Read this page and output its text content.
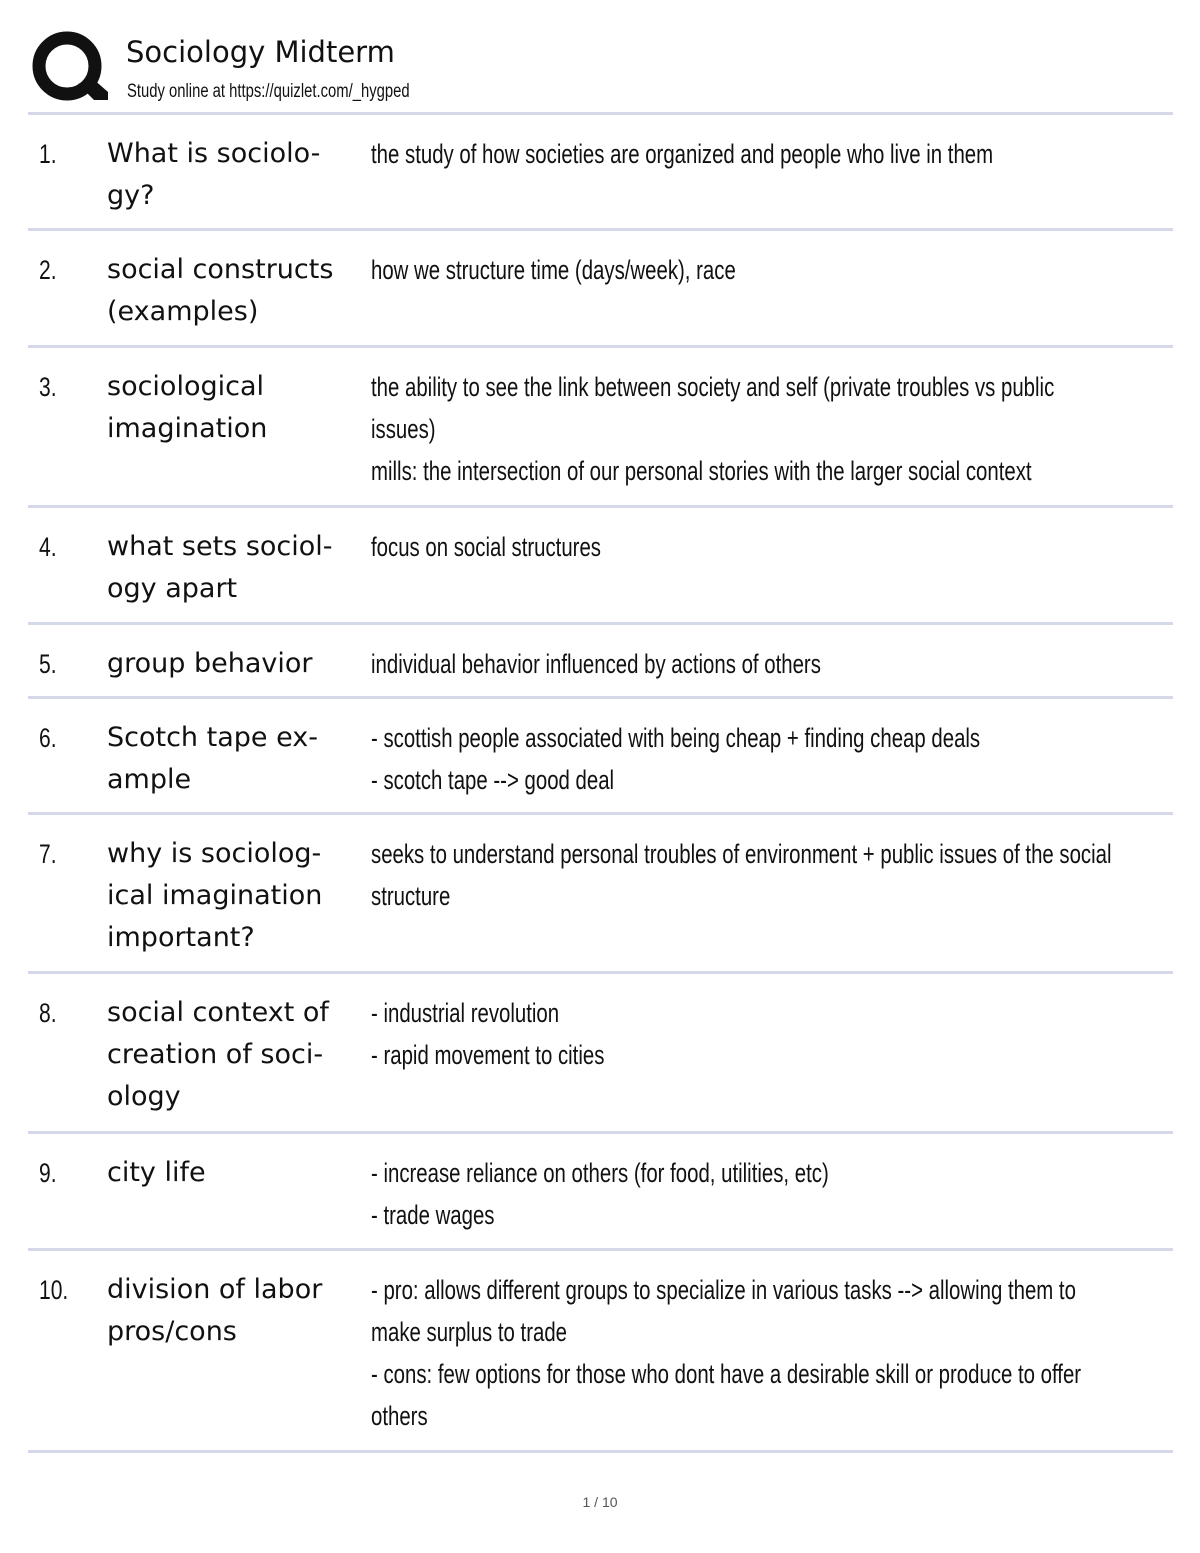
Sociology Midterm
Study online at https://quizlet.com/_hygped
1. What is sociolo-
gy?
the study of how societies are organized and people who live in them
2. social constructs
(examples)
how we structure time (days/week), race
3. sociological
imagination
the ability to see the link between society and self (private troubles vs public
issues)
mills: the intersection of our personal stories with the larger social context
4. what sets sociol-
ogy apart
focus on social structures
5. group behavior	individual behavior influenced by actions of others
6. Scotch tape ex-
ample
- scottish people associated with being cheap + finding cheap deals
- scotch tape --> good deal
7. why is sociolog-
ical imagination
important?
seeks to understand personal troubles of environment + public issues of the social
structure
8. social context of
creation of soci-
ology
- industrial revolution
- rapid movement to cities
9. city life	- increase reliance on others (for food, utilities, etc)
- trade wages
10. division of labor
pros/cons
- pro: allows different groups to specialize in various tasks --> allowing them to
make surplus to trade
- cons: few options for those who dont have a desirable skill or produce to offer
others
1 / 10
